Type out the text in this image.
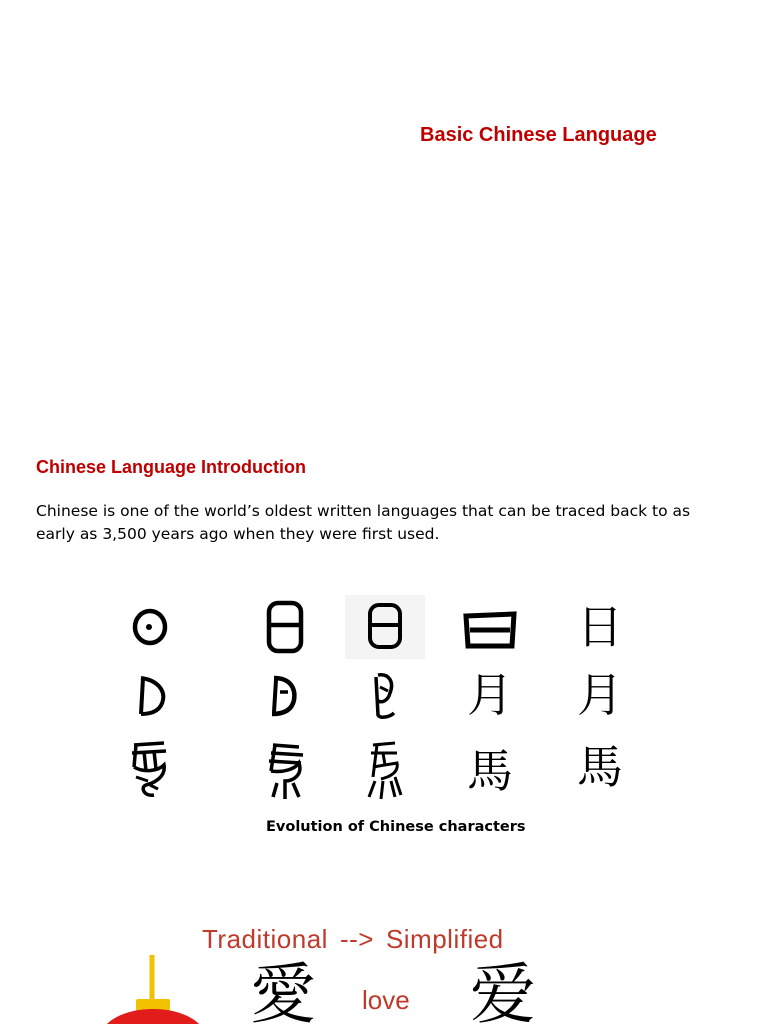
Basic Chinese Language
Chinese Language Introduction
Chinese is one of the world’s oldest written languages that can be traced back to as early as 3,500 years ago when they were first used.
日
月 月
馬 馬
Evolution of Chinese characters
Traditional --> Simplified
愛 love 爱
